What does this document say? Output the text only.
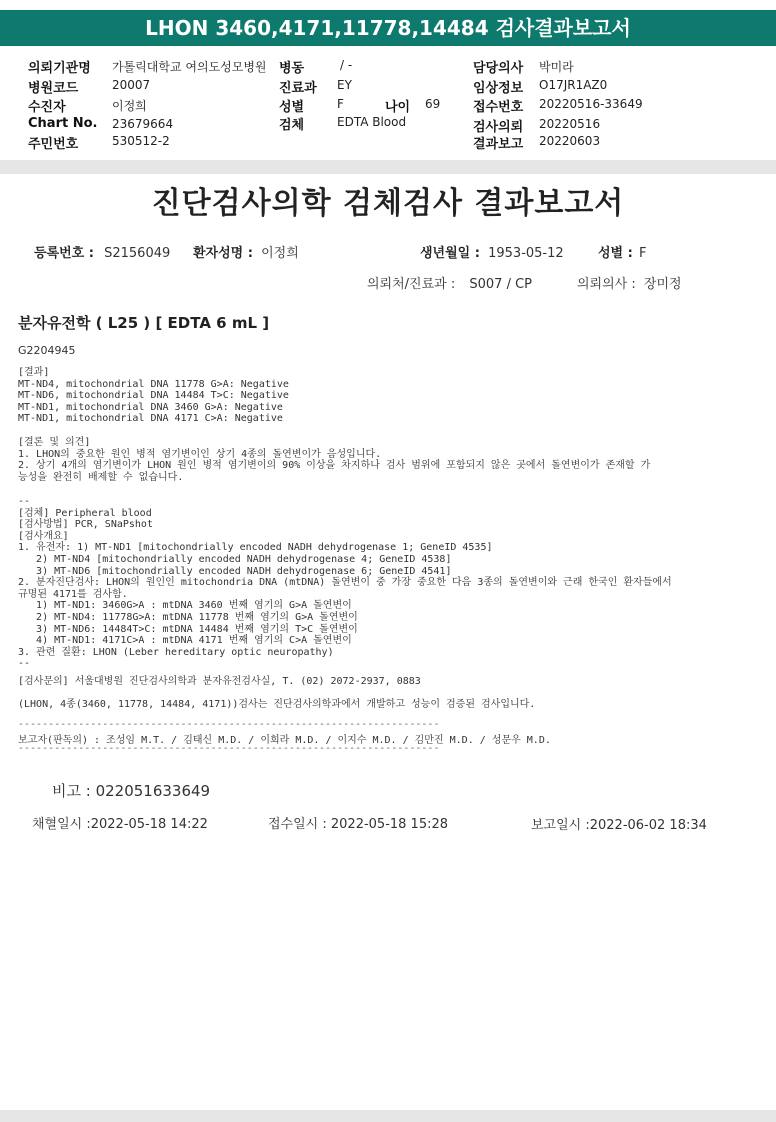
LHON 3460,4171,11778,14484 검사결과보고서
의뢰기관명 가톨릭대학교 여의도성모병원 병동	/ -	담당의사 박미라
병원코드	20007	진료과 EY	임상정보 O17JR1AZ0
수진자	이정희	성별	F	나이 69	접수번호 20220516-33649
Chart No. 23679664	검체	EDTA Blood	검사의뢰 20220516
주민번호	530512-2	결과보고 20220603
진단검사의학 검체검사 결과보고서
등록번호 : S2156049 환자성명 : 이정희	생년월일 : 1953-05-12	성별 : F
의뢰처/진료과 : S007 / CP	의뢰의사 : 장미정
분자유전학 ( L25 ) [ EDTA 6 mL ]
G2204945
[결과]
MT-ND4, mitochondrial DNA 11778 G>A: Negative
MT-ND6, mitochondrial DNA 14484 T>C: Negative
MT-ND1, mitochondrial DNA 3460 G>A: Negative
MT-ND1, mitochondrial DNA 4171 C>A: Negative
[결론 및 의견]
1. LHON의 중요한 원인 병적 염기변이인 상기 4종의 돌연변이가 음성입니다.
2. 상기 4개의 염기변이가 LHON 원인 병적 염기변이의 90% 이상을 차지하나 검사 범위에 포함되지 않은 곳에서 돌연변이가 존재할 가
능성을 완전히 배제할 수 없습니다.
--
[검체] Peripheral blood
[검사방법] PCR, SNaPshot
[검사개요]
1. 유전자: 1) MT-ND1 [mitochondrially encoded NADH dehydrogenase 1; GeneID 4535]
2) MT-ND4 [mitochondrially encoded NADH dehydrogenase 4; GeneID 4538]
3) MT-ND6 [mitochondrially encoded NADH dehydrogenase 6; GeneID 4541]
2. 분자진단검사: LHON의 원인인 mitochondria DNA (mtDNA) 돌연변이 중 가장 중요한 다음 3종의 돌연변이와 근래 한국인 환자들에서
규명된 4171를 검사함.
1) MT-ND1: 3460G>A : mtDNA 3460 번째 염기의 G>A 돌연변이
2) MT-ND4: 11778G>A: mtDNA 11778 번째 염기의 G>A 돌연변이
3) MT-ND6: 14484T>C: mtDNA 14484 번째 염기의 T>C 돌연변이
4) MT-ND1: 4171C>A : mtDNA 4171 번째 염기의 C>A 돌연변이
3. 관련 질환: LHON (Leber hereditary optic neuropathy)
--
[검사문의] 서울대병원 진단검사의학과 분자유전검사실, T. (02) 2072-2937, 0883
(LHON, 4종(3460, 11778, 14484, 4171))검사는 진단검사의학과에서 개발하고 성능이 검증된 검사입니다.
----------------------------------------------------------------------
보고자(판독의) : 조성임 M.T. / 김태신 M.D. / 이희라 M.D. / 이지수 M.D. / 김만진 M.D. / 성문우 M.D.
----------------------------------------------------------------------
비고 : 022051633649
채혈일시 :2022-05-18 14:22	접수일시 : 2022-05-18 15:28	보고일시 :2022-06-02 18:34
